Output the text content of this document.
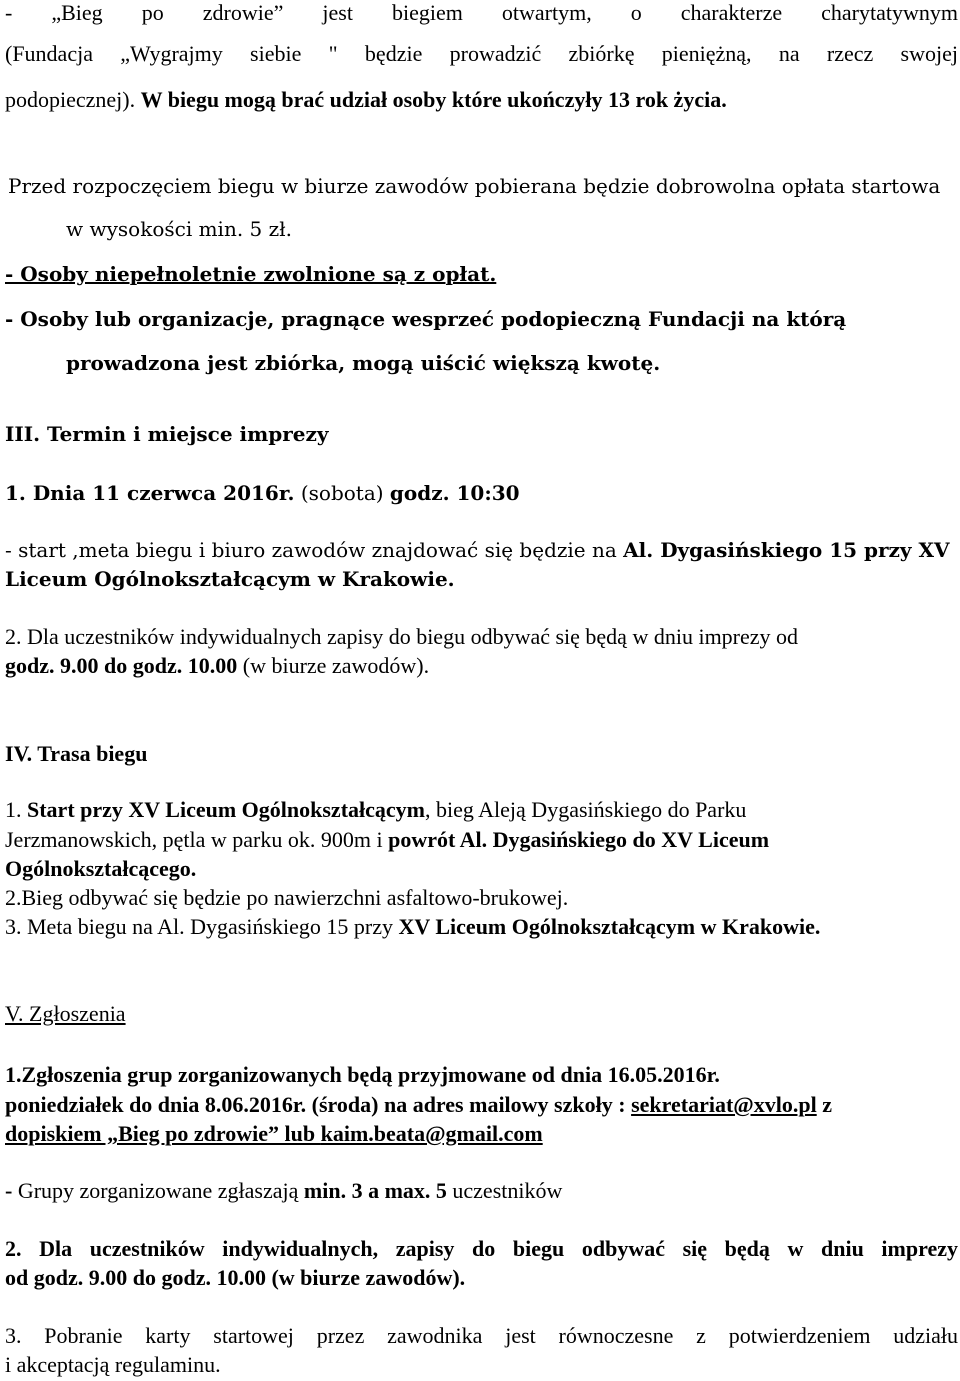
- „Bieg po zdrowie” jest biegiem otwartym, o charakterze charytatywnym
(Fundacja „Wygrajmy siebie " będzie prowadzić zbiórkę pieniężną, na rzecz swojej
podopiecznej). W biegu mogą brać udział osoby które ukończyły 13 rok życia.
Przed rozpoczęciem biegu w biurze zawodów pobierana będzie dobrowolna opłata startowa
w wysokości min. 5 zł.
- Osoby niepełnoletnie zwolnione są z opłat.
- Osoby lub organizacje, pragnące wesprzeć podopieczną Fundacji na którą
prowadzona jest zbiórka, mogą uiścić większą kwotę.
III. Termin i miejsce imprezy
1. Dnia 11 czerwca 2016r. (sobota) godz. 10:30
- start ,meta biegu i biuro zawodów znajdować się będzie na Al. Dygasińskiego 15 przy XV
Liceum Ogólnokształcącym w Krakowie.
2. Dla uczestników indywidualnych zapisy do biegu odbywać się będą w dniu imprezy od
godz. 9.00 do godz. 10.00 (w biurze zawodów).
IV. Trasa biegu
1. Start przy XV Liceum Ogólnokształcącym, bieg Aleją Dygasińskiego do Parku
Jerzmanowskich, pętla w parku ok. 900m i powrót Al. Dygasińskiego do XV Liceum
Ogólnokształcącego.
2.Bieg odbywać się będzie po nawierzchni asfaltowo-brukowej.
3. Meta biegu na Al. Dygasińskiego 15 przy XV Liceum Ogólnokształcącym w Krakowie.
V. Zgłoszenia
1.Zgłoszenia grup zorganizowanych będą przyjmowane od dnia 16.05.2016r.
poniedziałek do dnia 8.06.2016r. (środa) na adres mailowy szkoły : sekretariat@xvlo.pl z
dopiskiem „Bieg po zdrowie” lub kaim.beata@gmail.com
- Grupy zorganizowane zgłaszają min. 3 a max. 5 uczestników
2. Dla uczestników indywidualnych, zapisy do biegu odbywać się będą w dniu imprezy
od godz. 9.00 do godz. 10.00 (w biurze zawodów).
3. Pobranie karty startowej przez zawodnika jest równoczesne z potwierdzeniem udziału
i akceptacją regulaminu.
